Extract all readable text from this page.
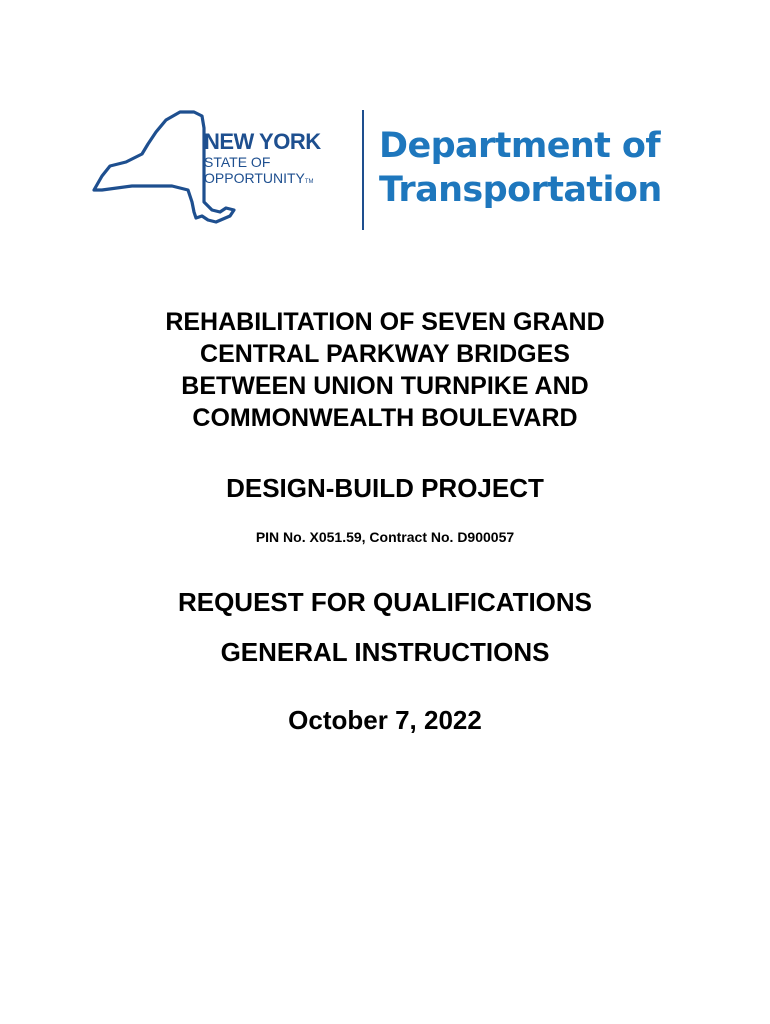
NEW YORK
STATE OF
OPPORTUNITYTM
Department of
Transportation
REHABILITATION OF SEVEN GRAND
CENTRAL PARKWAY BRIDGES
BETWEEN UNION TURNPIKE AND
COMMONWEALTH BOULEVARD
DESIGN-BUILD PROJECT
PIN No. X051.59, Contract No. D900057
REQUEST FOR QUALIFICATIONS
GENERAL INSTRUCTIONS
October 7, 2022
